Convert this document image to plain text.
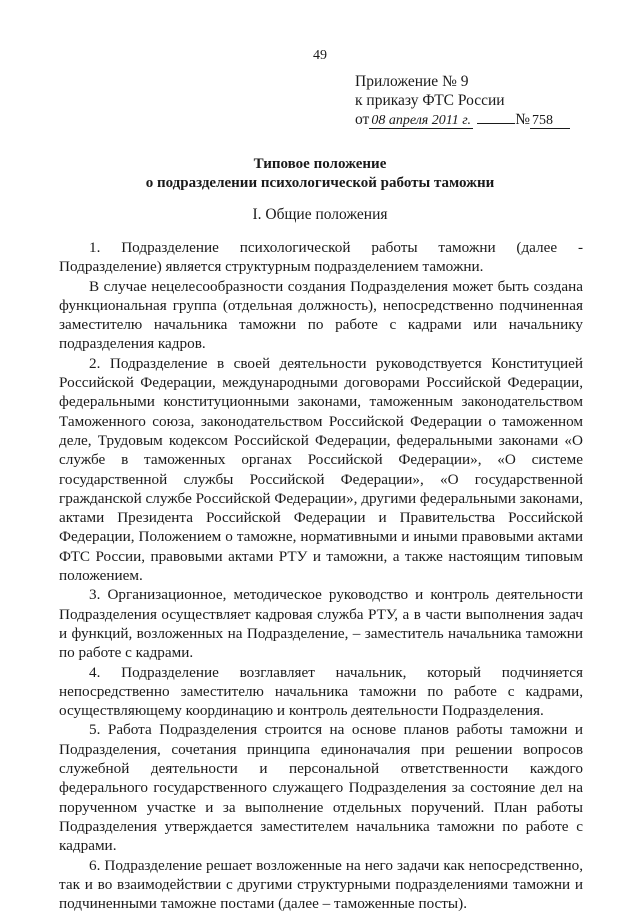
49
Приложение № 9
к приказу ФТС России
от 08 апреля 2011 г.	№ 758
Типовое положение
о подразделении психологической работы таможни
I. Общие положения

1. Подразделение психологической работы таможни (далее - Подразделение) является структурным подразделением таможни.

В случае нецелесообразности создания Подразделения может быть создана функциональная группа (отдельная должность), непосредственно подчиненная заместителю начальника таможни по работе с кадрами или начальнику подразделения кадров.

2. Подразделение в своей деятельности руководствуется Конституцией Российской Федерации, международными договорами Российской Федерации, федеральными конституционными законами, таможенным законодательством Таможенного союза, законодательством Российской Федерации о таможенном деле, Трудовым кодексом Российской Федерации, федеральными законами «О службе в таможенных органах Российской Федерации», «О системе государственной службы Российской Федерации», «О государственной гражданской службе Российской Федерации», другими федеральными законами, актами Президента Российской Федерации и Правительства Российской Федерации, Положением о таможне, нормативными и иными правовыми актами ФТС России, правовыми актами РТУ и таможни, а также настоящим типовым положением.

3. Организационное, методическое руководство и контроль деятельности Подразделения осуществляет кадровая служба РТУ, а в части выполнения задач и функций, возложенных на Подразделение, – заместитель начальника таможни по работе с кадрами.

4. Подразделение возглавляет начальник, который подчиняется непосредственно заместителю начальника таможни по работе с кадрами, осуществляющему координацию и контроль деятельности Подразделения.

5. Работа Подразделения строится на основе планов работы таможни и Подразделения, сочетания принципа единоначалия при решении вопросов служебной деятельности и персональной ответственности каждого федерального государственного служащего Подразделения за состояние дел на порученном участке и за выполнение отдельных поручений. План работы Подразделения утверждается заместителем начальника таможни по работе с кадрами.

6. Подразделение решает возложенные на него задачи как непосредственно, так и во взаимодействии с другими структурными подразделениями таможни и подчиненными таможне постами (далее – таможенные посты).
